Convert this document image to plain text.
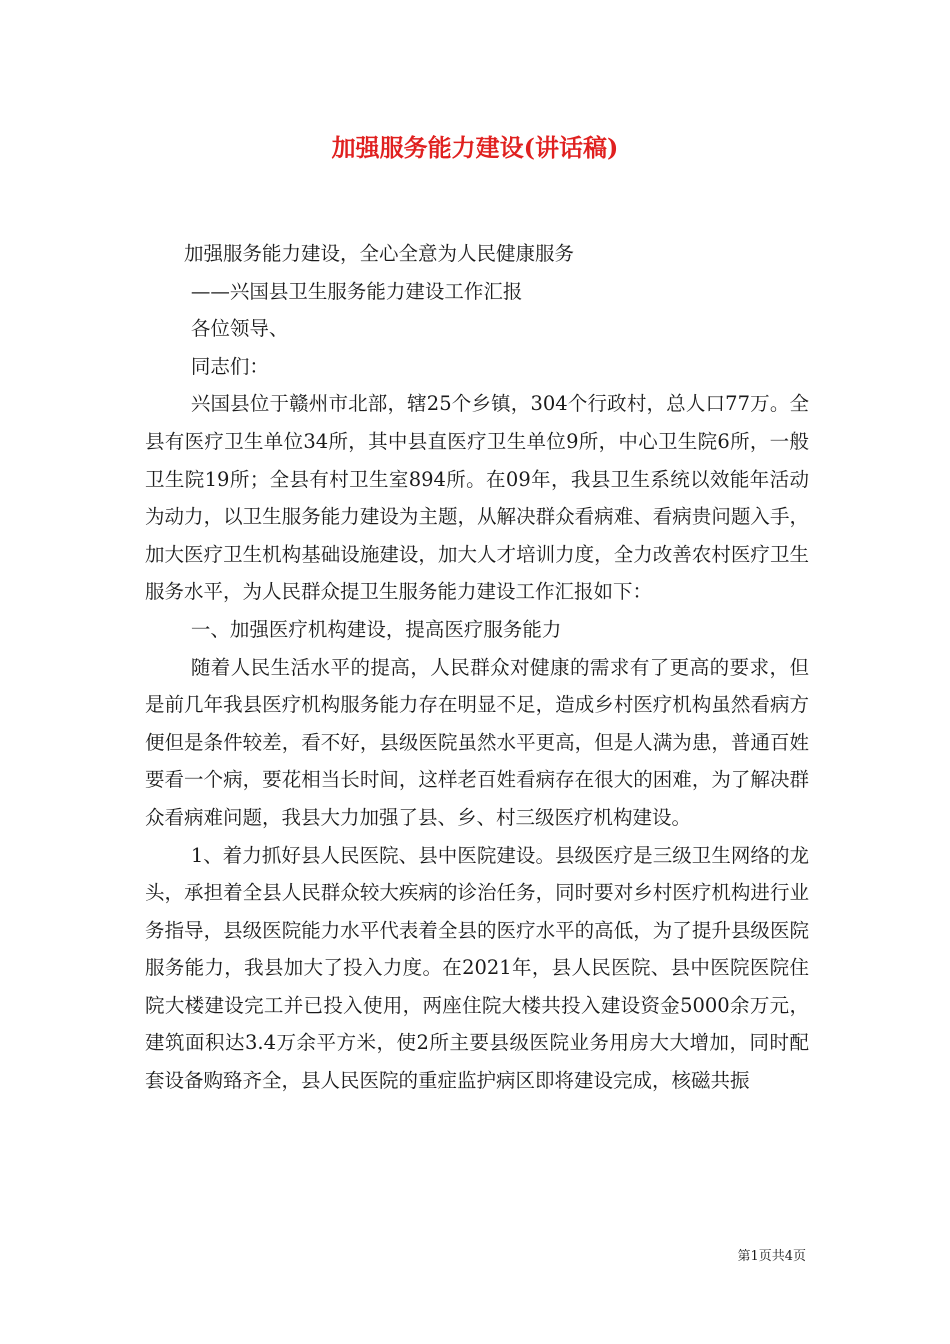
加强服务能力建设(讲话稿)

加强服务能力建设，全心全意为人民健康服务

——兴国县卫生服务能力建设工作汇报

各位领导、

同志们：

兴国县位于赣州市北部，辖25个乡镇，304个行政村，总人口77万。全县有医疗卫生单位34所，其中县直医疗卫生单位9所，中心卫生院6所，一般卫生院19所；全县有村卫生室894所。在09年，我县卫生系统以效能年活动为动力，以卫生服务能力建设为主题，从解决群众看病难、看病贵问题入手，加大医疗卫生机构基础设施建设，加大人才培训力度，全力改善农村医疗卫生服务水平，为人民群众提卫生服务能力建设工作汇报如下：

一、加强医疗机构建设，提高医疗服务能力

随着人民生活水平的提高，人民群众对健康的需求有了更高的要求，但是前几年我县医疗机构服务能力存在明显不足，造成乡村医疗机构虽然看病方便但是条件较差，看不好，县级医院虽然水平更高，但是人满为患，普通百姓要看一个病，要花相当长时间，这样老百姓看病存在很大的困难，为了解决群众看病难问题，我县大力加强了县、乡、村三级医疗机构建设。

1、着力抓好县人民医院、县中医院建设。县级医疗是三级卫生网络的龙头，承担着全县人民群众较大疾病的诊治任务，同时要对乡村医疗机构进行业务指导，县级医院能力水平代表着全县的医疗水平的高低，为了提升县级医院服务能力，我县加大了投入力度。在2021年，县人民医院、县中医院医院住院大楼建设完工并已投入使用，两座住院大楼共投入建设资金5000余万元，建筑面积达3.4万余平方米，使2所主要县级医院业务用房大大增加，同时配套设备购臵齐全，县人民医院的重症监护病区即将建设完成，核磁共振

第1页共4页
